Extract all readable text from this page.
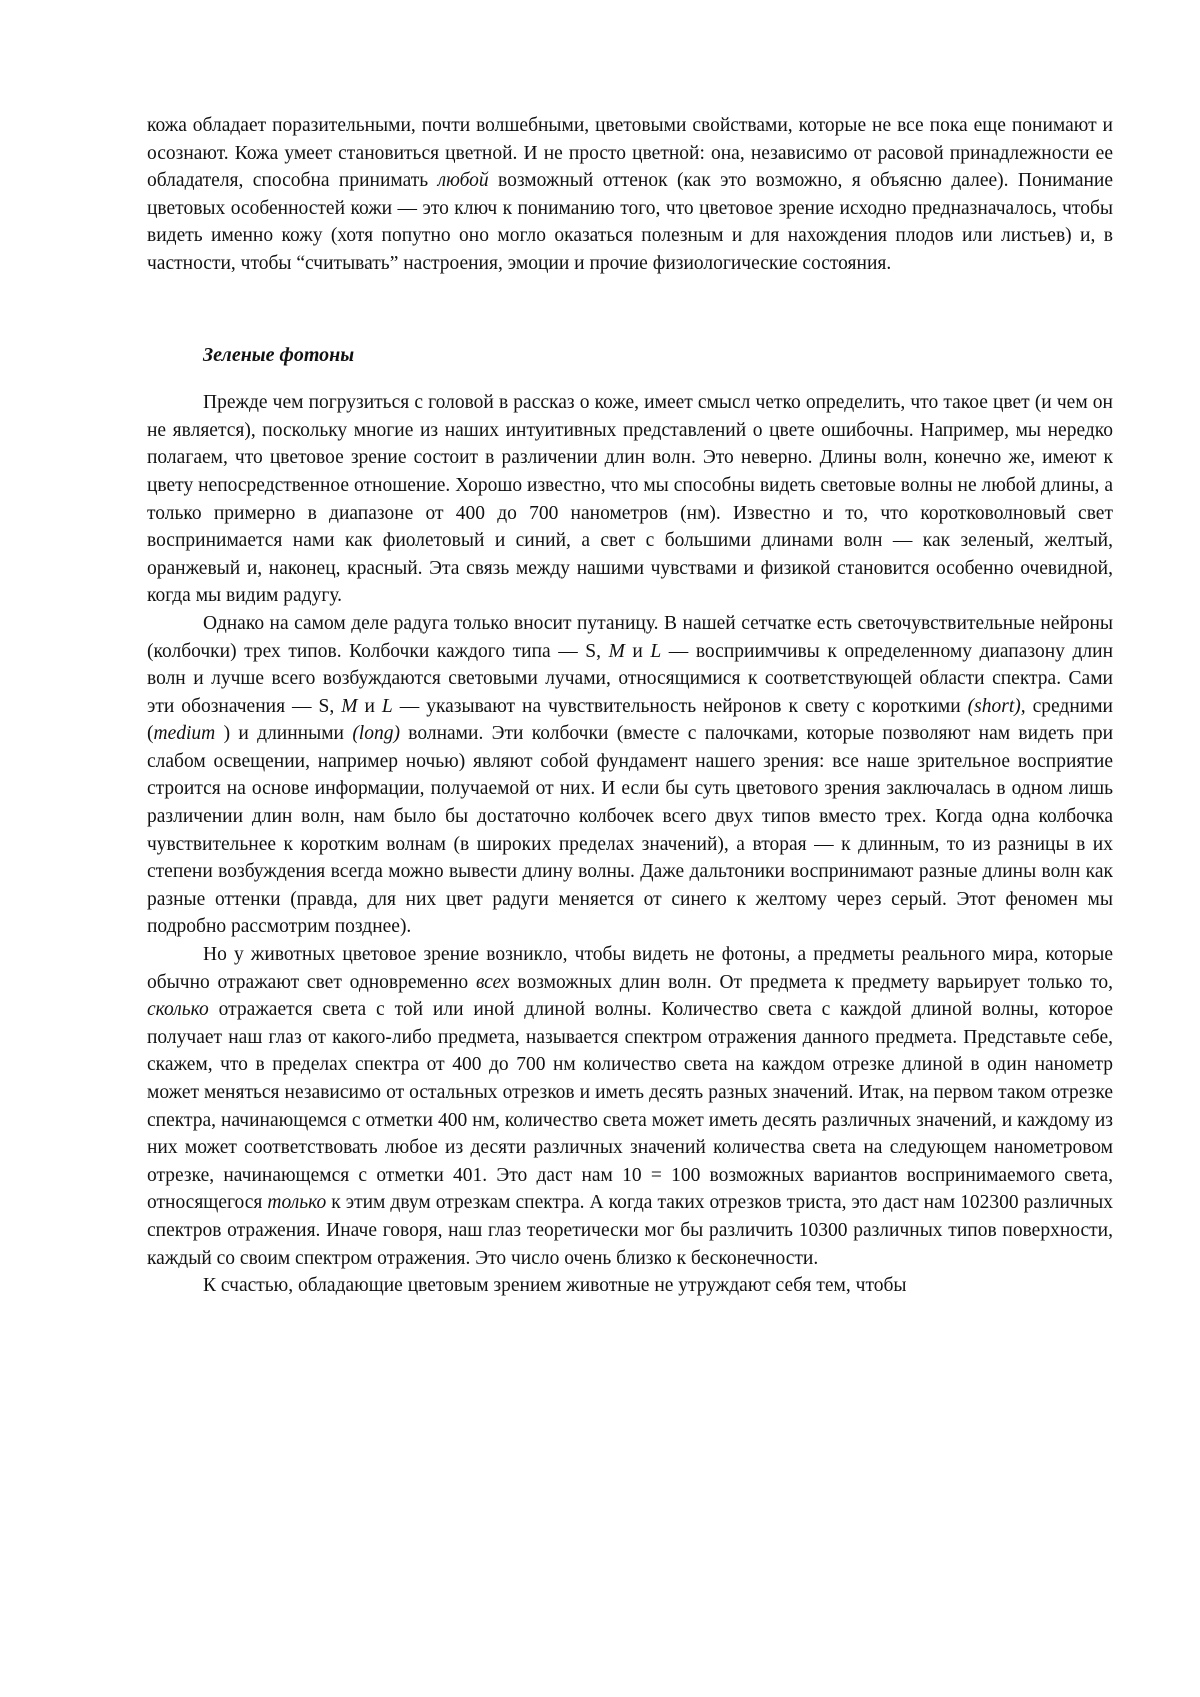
кожа обладает поразительными, почти волшебными, цветовыми свойствами, которые не все пока еще понимают и осознают. Кожа умеет становиться цветной. И не просто цветной: она, независимо от расовой принадлежности ее обладателя, способна принимать любой возможный оттенок (как это возможно, я объясню далее). Понимание цветовых особенностей кожи — это ключ к пониманию того, что цветовое зрение исходно предназначалось, чтобы видеть именно кожу (хотя попутно оно могло оказаться полезным и для нахождения плодов или листьев) и, в частности, чтобы “считывать” настроения, эмоции и прочие физиологические состояния.

Зеленые фотоны

Прежде чем погрузиться с головой в рассказ о коже, имеет смысл четко определить, что такое цвет (и чем он не является), поскольку многие из наших интуитивных представлений о цвете ошибочны. Например, мы нередко полагаем, что цветовое зрение состоит в различении длин волн. Это неверно. Длины волн, конечно же, имеют к цвету непосредственное отношение. Хорошо известно, что мы способны видеть световые волны не любой длины, а только примерно в диапазоне от 400 до 700 нанометров (нм). Известно и то, что коротковолновый свет воспринимается нами как фиолетовый и синий, а свет с большими длинами волн — как зеленый, желтый, оранжевый и, наконец, красный. Эта связь между нашими чувствами и физикой становится особенно очевидной, когда мы видим радугу.

Однако на самом деле радуга только вносит путаницу. В нашей сетчатке есть светочувствительные нейроны (колбочки) трех типов. Колбочки каждого типа — S, M и L — восприимчивы к определенному диапазону длин волн и лучше всего возбуждаются световыми лучами, относящимися к соответствующей области спектра. Сами эти обозначения — S, M и L — указывают на чувствительность нейронов к свету с короткими (short), средними (medium ) и длинными (long) волнами. Эти колбочки (вместе с палочками, которые позволяют нам видеть при слабом освещении, например ночью) являют собой фундамент нашего зрения: все наше зрительное восприятие строится на основе информации, получаемой от них. И если бы суть цветового зрения заключалась в одном лишь различении длин волн, нам было бы достаточно колбочек всего двух типов вместо трех. Когда одна колбочка чувствительнее к коротким волнам (в широких пределах значений), а вторая — к длинным, то из разницы в их степени возбуждения всегда можно вывести длину волны. Даже дальтоники воспринимают разные длины волн как разные оттенки (правда, для них цвет радуги меняется от синего к желтому через серый. Этот феномен мы подробно рассмотрим позднее).

Но у животных цветовое зрение возникло, чтобы видеть не фотоны, а предметы реального мира, которые обычно отражают свет одновременно всех возможных длин волн. От предмета к предмету варьирует только то, сколько отражается света с той или иной длиной волны. Количество света с каждой длиной волны, которое получает наш глаз от какого-либо предмета, называется спектром отражения данного предмета. Представьте себе, скажем, что в пределах спектра от 400 до 700 нм количество света на каждом отрезке длиной в один нанометр может меняться независимо от остальных отрезков и иметь десять разных значений. Итак, на первом таком отрезке спектра, начинающемся с отметки 400 нм, количество света может иметь десять различных значений, и каждому из них может соответствовать любое из десяти различных значений количества света на следующем нанометровом отрезке, начинающемся с отметки 401. Это даст нам 10 = 100 возможных вариантов воспринимаемого света, относящегося только к этим двум отрезкам спектра. А когда таких отрезков триста, это даст нам 102300 различных спектров отражения. Иначе говоря, наш глаз теоретически мог бы различить 10300 различных типов поверхности, каждый со своим спектром отражения. Это число очень близко к бесконечности.

К счастью, обладающие цветовым зрением животные не утруждают себя тем, чтобы
